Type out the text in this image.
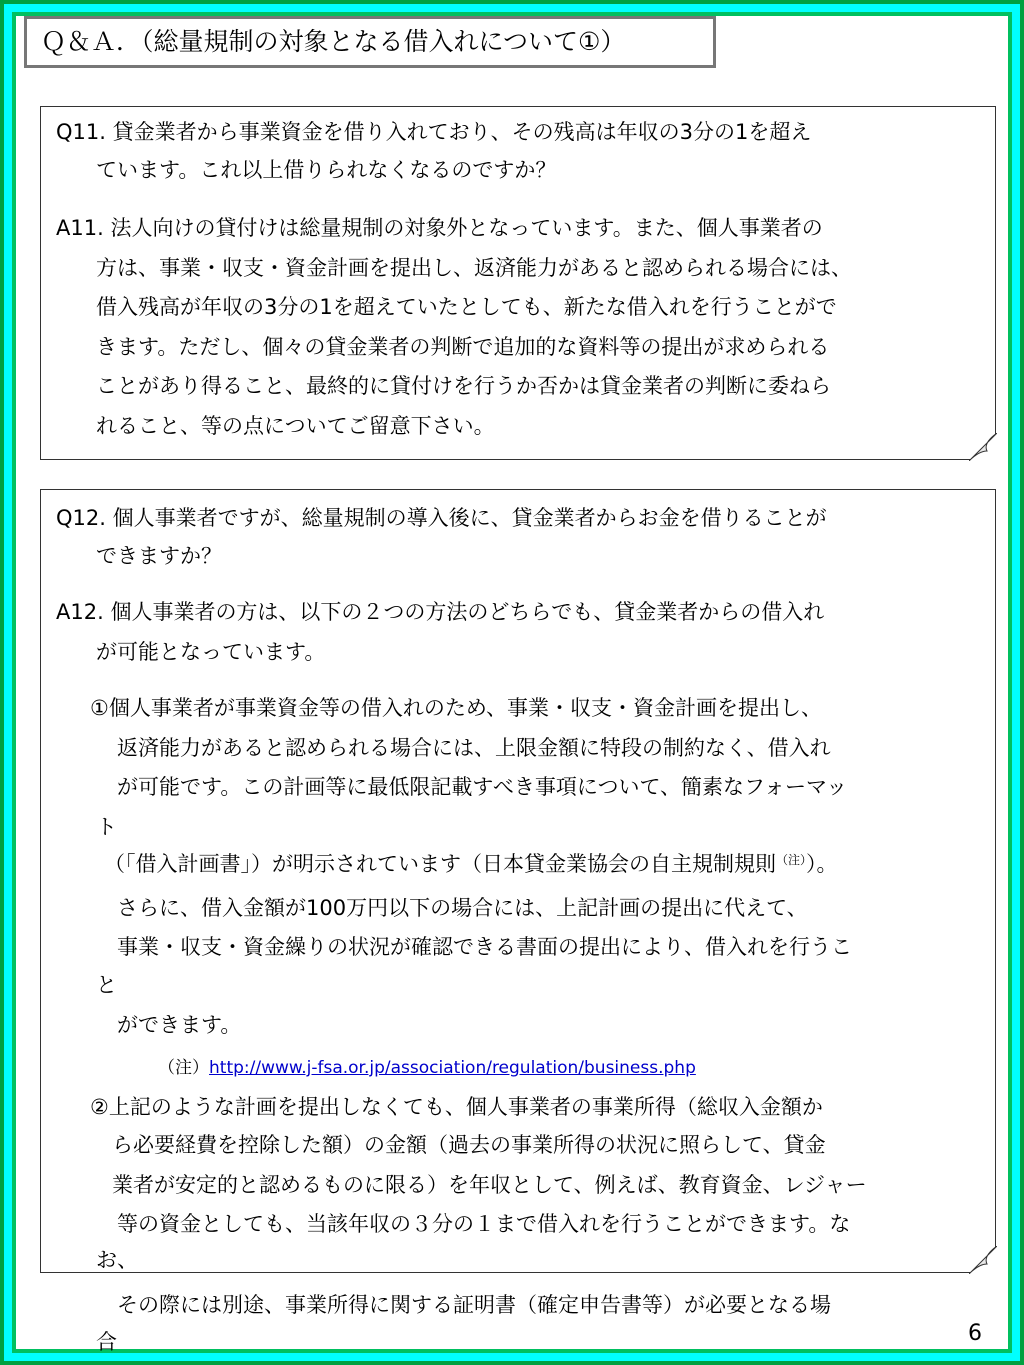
Ｑ＆Ａ．（総量規制の対象となる借入れについて①）
Q11. 貸金業者から事業資金を借り入れており、その残高は年収の3分の1を超え
ています。これ以上借りられなくなるのですか？
A11. 法人向けの貸付けは総量規制の対象外となっています。また、個人事業者の
方は、事業・収支・資金計画を提出し、返済能力があると認められる場合には、
借入残高が年収の3分の1を超えていたとしても、新たな借入れを行うことがで
きます。ただし、個々の貸金業者の判断で追加的な資料等の提出が求められる
ことがあり得ること、最終的に貸付けを行うか否かは貸金業者の判断に委ねら
れること、等の点についてご留意下さい。
Q12. 個人事業者ですが、総量規制の導入後に、貸金業者からお金を借りることが
できますか？
A12. 個人事業者の方は、以下の２つの方法のどちらでも、貸金業者からの借入れ
が可能となっています。
①個人事業者が事業資金等の借入れのため、事業・収支・資金計画を提出し、
返済能力があると認められる場合には、上限金額に特段の制約なく、借入れ
が可能です。この計画等に最低限記載すべき事項について、簡素なフォーマッ
ト
（「借入計画書」）が明示されています（日本貸金業協会の自主規制規則$^{(注)}$）。
さらに、借入金額が100万円以下の場合には、上記計画の提出に代えて、
事業・収支・資金繰りの状況が確認できる書面の提出により、借入れを行うこ
と
ができます。
（注）http://www.j-fsa.or.jp/association/regulation/business.php
②上記のような計画を提出しなくても、個人事業者の事業所得（総収入金額か
ら必要経費を控除した額）の金額（過去の事業所得の状況に照らして、貸金
業者が安定的と認めるものに限る）を年収として、例えば、教育資金、レジャー
等の資金としても、当該年収の３分の１まで借入れを行うことができます。な
お、
その際には別途、事業所得に関する証明書（確定申告書等）が必要となる場
合	6
